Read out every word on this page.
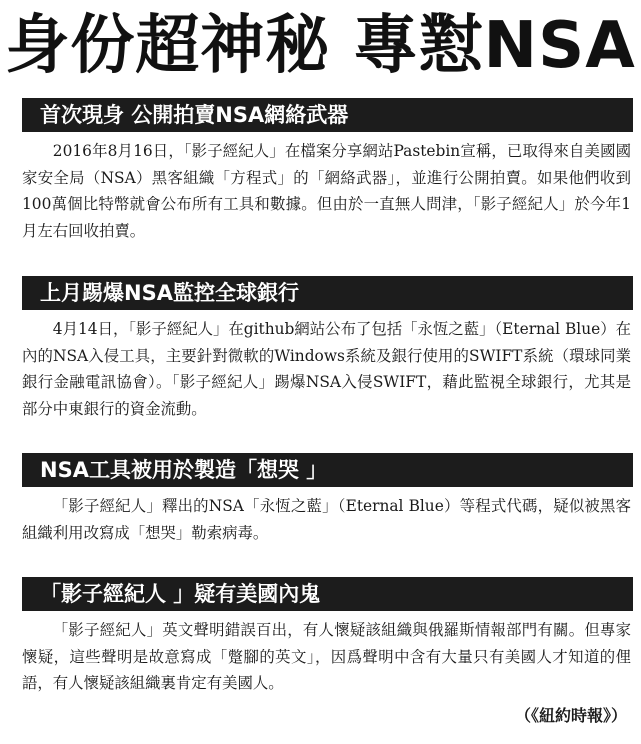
身份超神秘 專懟NSA
首次現身 公開拍賣NSA網絡武器
2016年8月16日，「影子經紀人」在檔案分享網站Pastebin宣稱，已取得來自美國國家安全局（NSA）黑客組織「方程式」的「網絡武器」，並進行公開拍賣。如果他們收到100萬個比特幣就會公布所有工具和數據。但由於一直無人問津，「影子經紀人」於今年1月左右回收拍賣。
上月踢爆NSA監控全球銀行
4月14日，「影子經紀人」在github網站公布了包括「永恆之藍」（Eternal Blue）在內的NSA入侵工具，主要針對微軟的Windows系統及銀行使用的SWIFT系統（環球同業銀行金融電訊協會）。「影子經紀人」踢爆NSA入侵SWIFT，藉此監視全球銀行，尤其是部分中東銀行的資金流動。
NSA工具被用於製造「想哭 」
「影子經紀人」釋出的NSA「永恆之藍」（Eternal Blue）等程式代碼，疑似被黑客組織利用改寫成「想哭」勒索病毒。
「影子經紀人 」疑有美國內鬼
「影子經紀人」英文聲明錯誤百出，有人懷疑該組織與俄羅斯情報部門有關。但專家懷疑，這些聲明是故意寫成「蹩腳的英文」，因爲聲明中含有大量只有美國人才知道的俚語，有人懷疑該組織裏肯定有美國人。
（《紐約時報》）
